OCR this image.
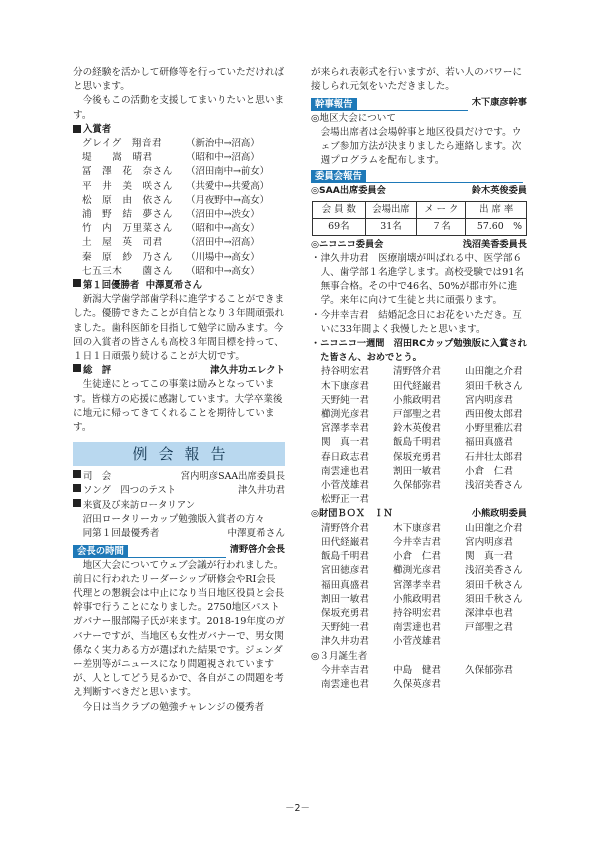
分の経験を活かして研修等を行っていただければと思います。

今後もこの活動を支援してまいりたいと思います。

入賞者

グレイグ　翔音君	（新治中→沼高）
堤　　嵩　晴君	（昭和中→沼高）
冨　澤　花　奈さん	（沼田南中→前女）
平　井　美　咲さん	（共愛中→共愛高）
松　原　由　依さん	（月夜野中→高女）
浦　野　結　夢さん	（沼田中→渋女）
竹　内　万里菜さん	（昭和中→高女）
土　屋　英　司君	（沼田中→沼高）
秦　原　紗　乃さん	（川場中→高女）
七五三木　　薗さん	（昭和中→高女）

第１回優勝者
中澤夏希さん

新潟大学歯学部歯学科に進学することができました。優勝できたことが自信となり３年間頑張れました。歯科医師を目指して勉学に励みます。今回の入賞者の皆さんも高校３年間目標を持って、１日１日頑張り続けることが大切です。

総　評	津久井功エレクト

生徒達にとってこの事業は励みとなっています。皆様方の応援に感謝しています。大学卒業後に地元に帰ってきてくれることを期待しています。

例会報告
司　会	宮内明彦SAA出席委員長
ソング　四つのテスト	津久井功君
来賓及び来訪ロータリアン
沼田ロータリーカップ勉強版入賞者の方々
同第１回最優秀者	中澤夏希さん
会長の時間	清野啓介会長

地区大会についてウェブ会議が行われました。前日に行われたリーダーシップ研修会やRI会長代理との懇親会は中止になり当日地区役員と会長幹事で行うことになりました。2750地区パストガバナー服部陽子氏が来ます。2018-19年度のガバナーですが、当地区も女性ガバナーで、男女関係なく実力ある方が選ばれた結果です。ジェンダー差別等がニュースになり問題視されていますが、人としてどう見るかで、各自がこの問題を考え判断すべきだと思います。

今日は当クラブの勉強チャレンジの優秀者

が来られ表彰式を行いますが、若い人のパワーに接しられ元気をいただきました。

幹事報告	木下康彦幹事
◎地区大会について

会場出席者は会場幹事と地区役員だけです。ウェブ参加方法が決まりましたら連絡します。次週プログラムを配布します。

委員会報告
◎SAA出席委員会	鈴木英俊委員
会 員 数	会場出席	メ ー ク	出 席 率
69名	31名	７名	57.60　%
◎ニコニコ委員会	浅沼美香委員長

・津久井功君　医療崩壊が叫ばれる中、医学部６人、歯学部１名進学します。高校受験では91名無事合格。その中で46名、50%が郡市外に進学。来年に向けて生徒と共に頑張ります。

・今井幸吉君　結婚記念日にお花をいただき。互いに33年間よく我慢したと思います。

・ニコニコ一週間　沼田RCカップ勉強版に入賞された皆さん、おめでとう。

持谷明宏君	清野啓介君	山田龍之介君
木下康彦君	田代経巌君	須田千秋さん
天野純一君	小熊政明君	宮内明彦君
櫛渕光彦君	戸部聖之君	西田俊太郎君
宮澤孝幸君	鈴木英俊君	小野里雅広君
関　真一君	飯島千明君	福田真盛君
春日政志君	保坂充勇君	石井壮太郎君
南雲達也君	割田一敏君	小倉　仁君
小菅茂雄君	久保郁弥君	浅沼美香さん
松野正一君
◎財団ＢＯＸ　ＩＮ	小熊政明委員
清野啓介君	木下康彦君	山田龍之介君
田代経巌君	今井幸吉君	宮内明彦君
飯島千明君	小倉　仁君	関　真一君
宮田徳彦君	櫛渕光彦君	浅沼美香さん
福田真盛君	宮澤孝幸君	須田千秋さん
割田一敏君	小熊政明君	須田千秋さん
保坂充勇君	持谷明宏君	深津卓也君
天野純一君	南雲達也君	戸部聖之君
津久井功君	小菅茂雄君
◎３月誕生者
今井幸吉君	中島　健君	久保郁弥君
南雲達也君	久保英彦君
－2－
